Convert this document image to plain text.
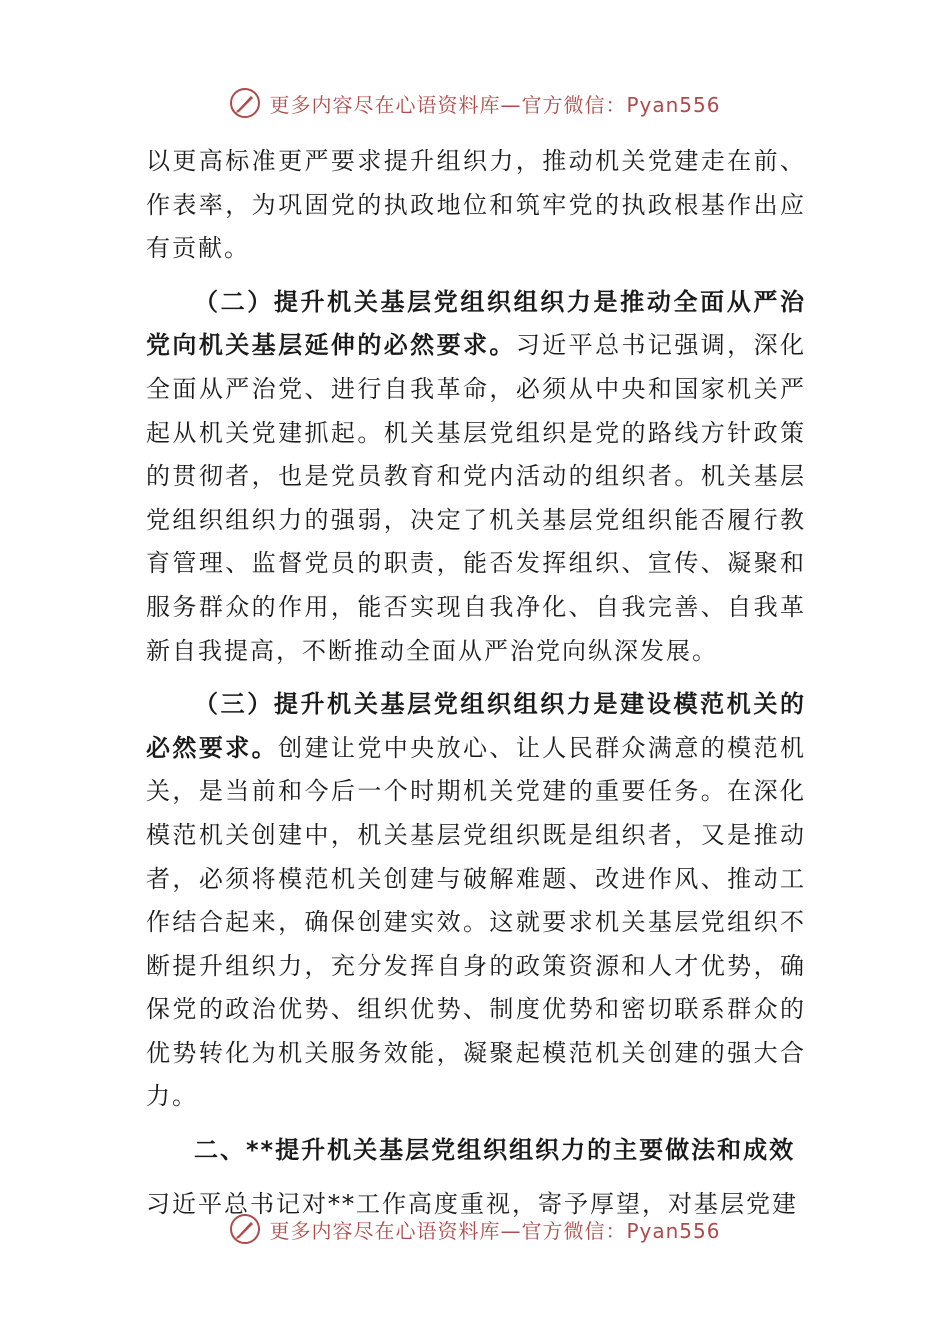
更多内容尽在心语资料库—官方微信：Pyan556

以更高标准更严要求提升组织力，推动机关党建走在前、作表率，为巩固党的执政地位和筑牢党的执政根基作出应有贡献。

（二）提升机关基层党组织组织力是推动全面从严治党向机关基层延伸的必然要求。习近平总书记强调，深化全面从严治党、进行自我革命，必须从中央和国家机关严起从机关党建抓起。机关基层党组织是党的路线方针政策的贯彻者，也是党员教育和党内活动的组织者。机关基层党组织组织力的强弱，决定了机关基层党组织能否履行教育管理、监督党员的职责，能否发挥组织、宣传、凝聚和服务群众的作用，能否实现自我净化、自我完善、自我革新自我提高，不断推动全面从严治党向纵深发展。

（三）提升机关基层党组织组织力是建设模范机关的必然要求。创建让党中央放心、让人民群众满意的模范机关，是当前和今后一个时期机关党建的重要任务。在深化模范机关创建中，机关基层党组织既是组织者，又是推动者，必须将模范机关创建与破解难题、改进作风、推动工作结合起来，确保创建实效。这就要求机关基层党组织不断提升组织力，充分发挥自身的政策资源和人才优势，确保党的政治优势、组织优势、制度优势和密切联系群众的优势转化为机关服务效能，凝聚起模范机关创建的强大合力。

二、**提升机关基层党组织组织力的主要做法和成效

习近平总书记对**工作高度重视，寄予厚望，对基层党建

更多内容尽在心语资料库—官方微信：Pyan556
